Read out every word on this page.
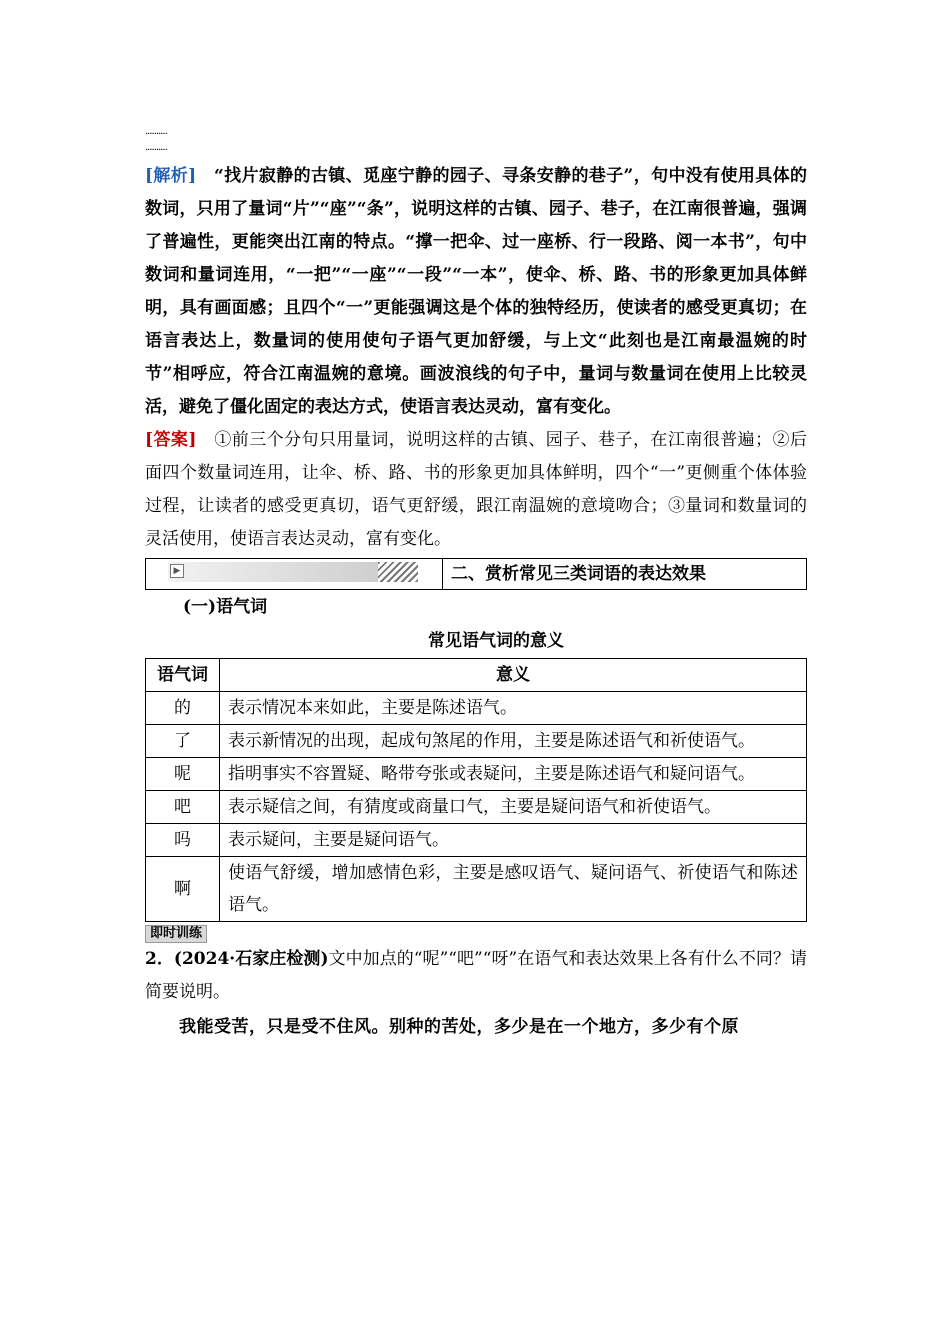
··········
··········

[解析]　 “找片寂静的古镇、觅座宁静的园子、寻条安静的巷子”，句中没有使用具体的数词，只用了量词“片”“座”“条”，说明这样的古镇、园子、巷子，在江南很普遍，强调了普遍性，更能突出江南的特点。“撑一把伞、过一座桥、行一段路、阅一本书”，句中数词和量词连用，“一把”“一座”“一段”“一本”，使伞、桥、路、书的形象更加具体鲜明，具有画面感；且四个“一”更能强调这是个体的独特经历，使读者的感受更真切；在语言表达上，数量词的使用使句子语气更加舒缓，与上文“此刻也是江南最温婉的时节”相呼应，符合江南温婉的意境。画波浪线的句子中，量词与数量词在使用上比较灵活，避免了僵化固定的表达方式，使语言表达灵动，富有变化。

[答案]　 ①前三个分句只用量词，说明这样的古镇、园子、巷子，在江南很普遍；②后面四个数量词连用，让伞、桥、路、书的形象更加具体鲜明，四个“一”更侧重个体体验过程，让读者的感受更真切，语气更舒缓，跟江南温婉的意境吻合；③量词和数量词的灵活使用，使语言表达灵动，富有变化。

▶	二、赏析常见三类词语的表达效果
(一)语气词
常见语气词的意义
语气词	意义
的	表示情况本来如此，主要是陈述语气。
了	表示新情况的出现，起成句煞尾的作用，主要是陈述语气和祈使语气。
呢	指明事实不容置疑、略带夸张或表疑问，主要是陈述语气和疑问语气。
吧	表示疑信之间，有猜度或商量口气，主要是疑问语气和祈使语气。
吗	表示疑问，主要是疑问语气。
啊	使语气舒缓，增加感情色彩，主要是感叹语气、疑问语气、祈使语气和陈述语气。
即时训练

2．(2024·石家庄检测)文中加点的“呢”“吧”“呀”在语气和表达效果上各有什么不同？请简要说明。

我能受苦，只是受不住风。别种的苦处，多少是在一个地方，多少有个原
